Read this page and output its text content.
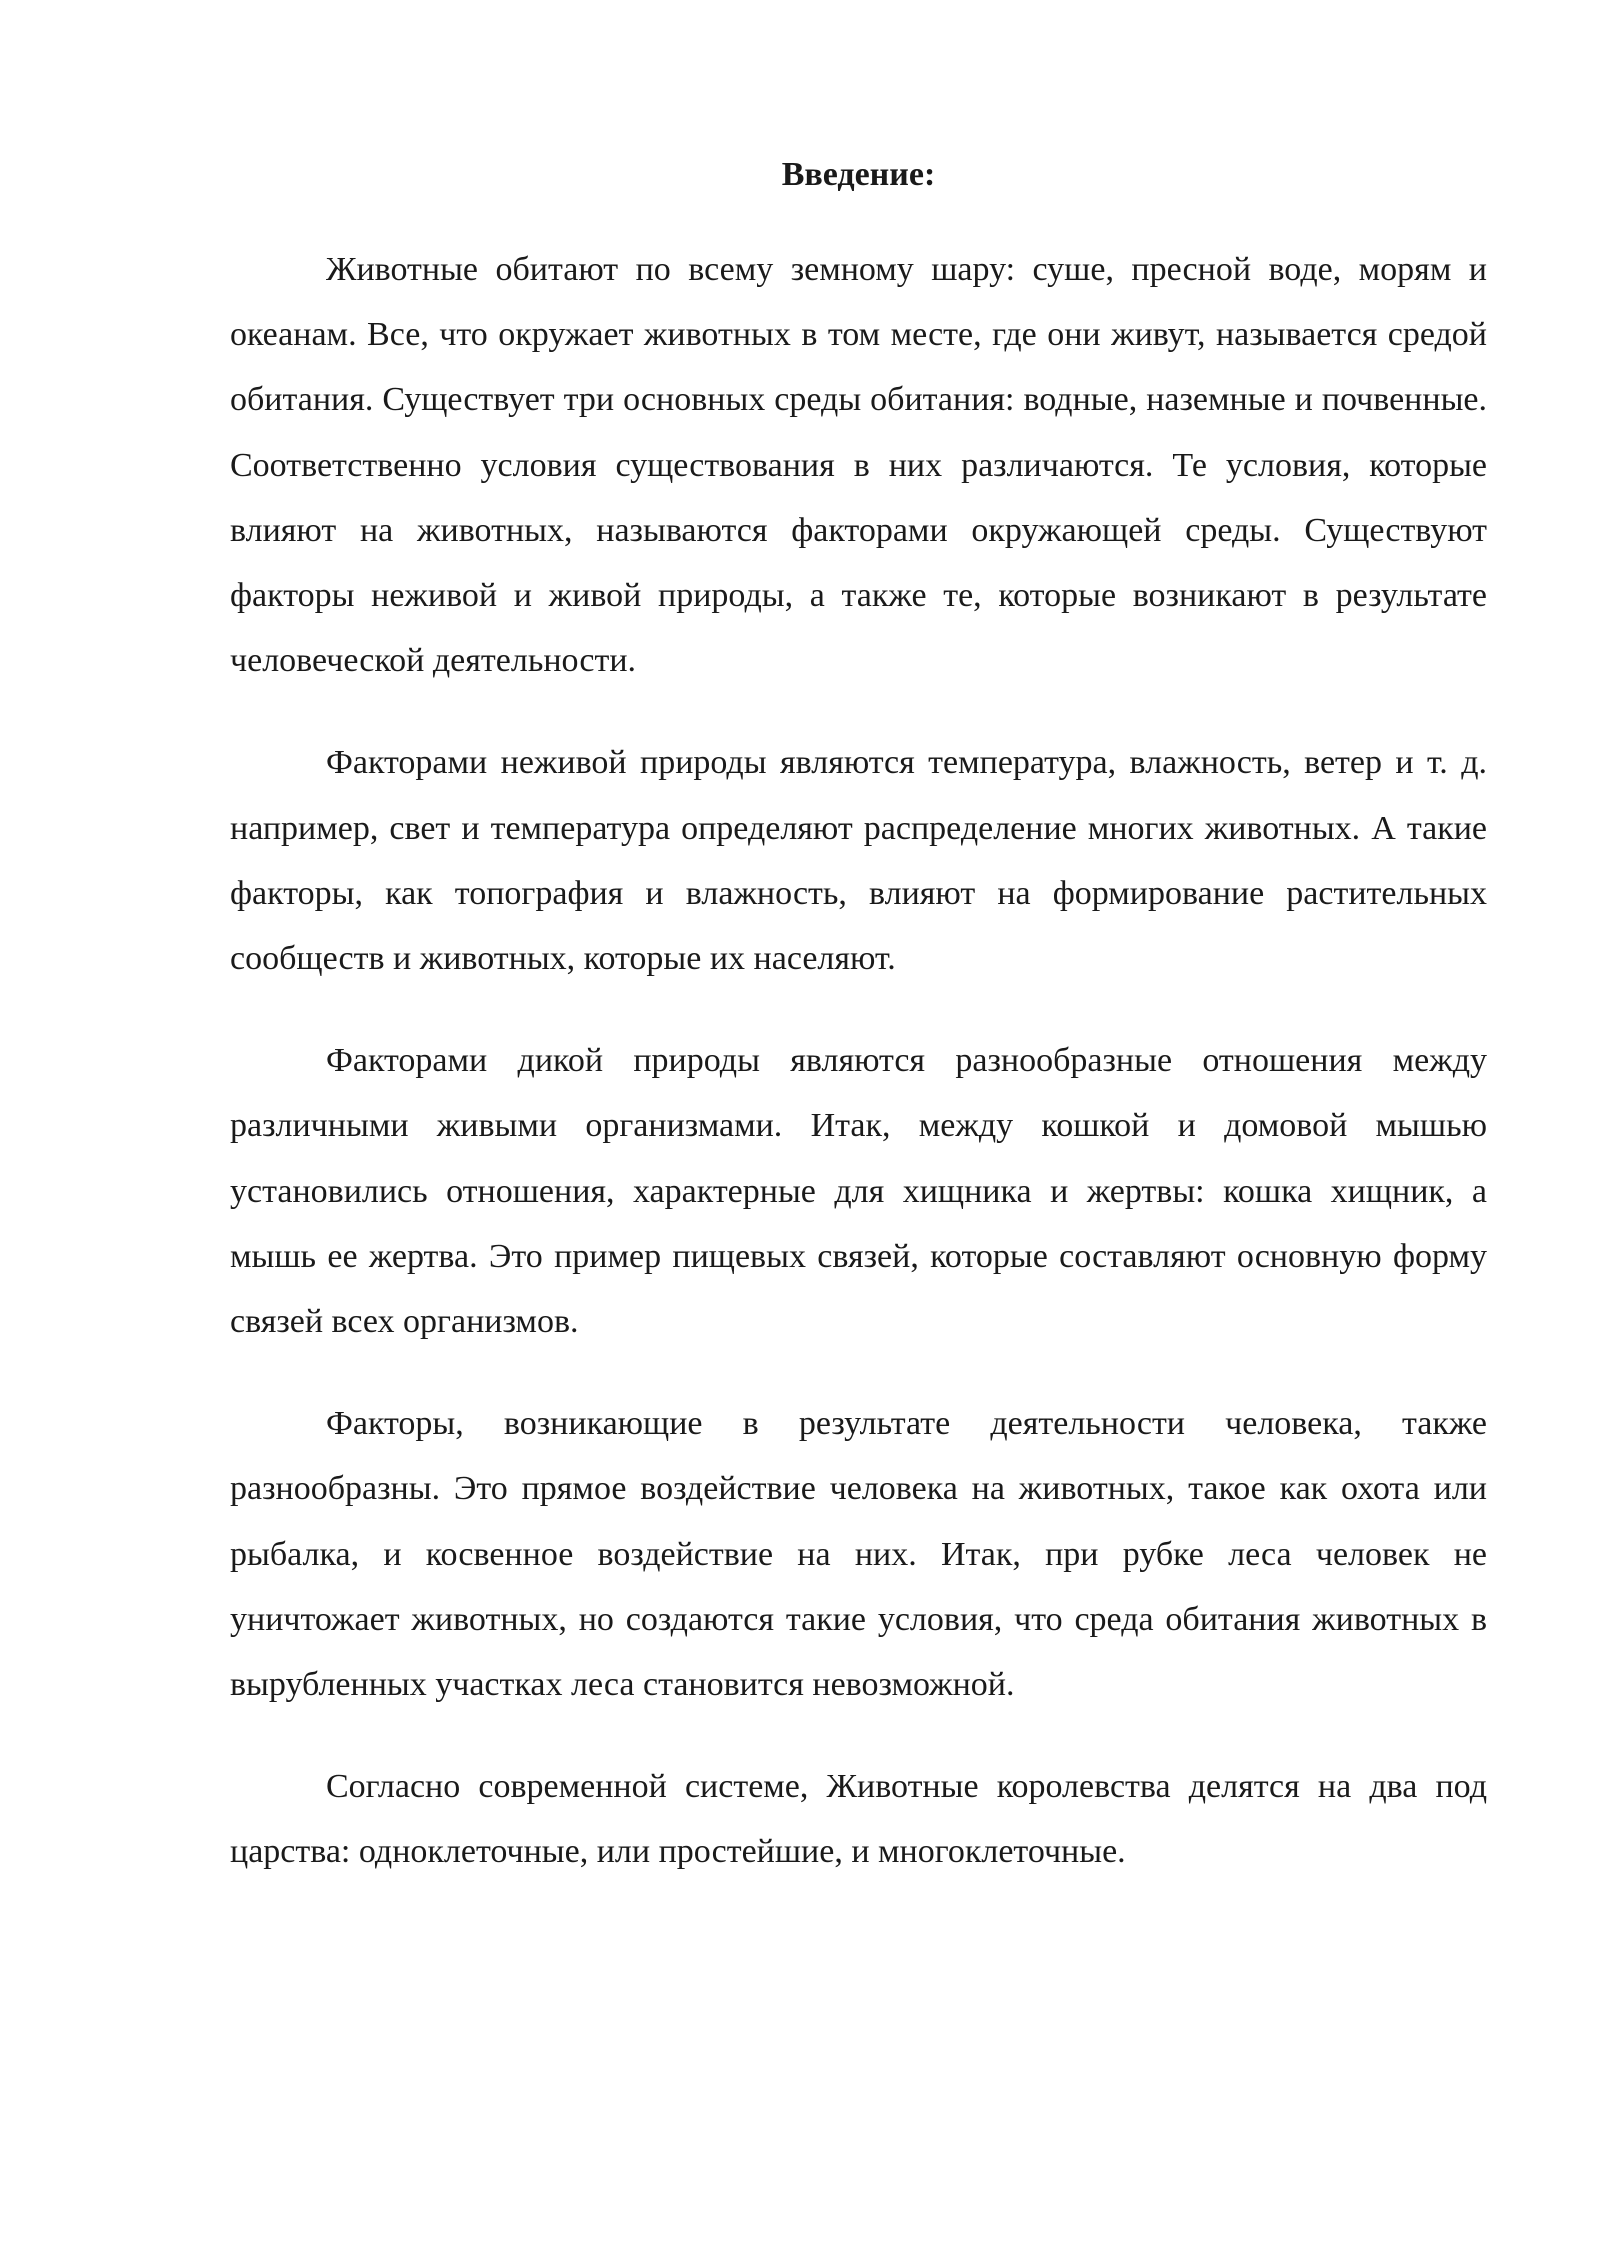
Введение:

Животные обитают по всему земному шару: суше, пресной воде, морям и океанам. Все, что окружает животных в том месте, где они живут, называется средой обитания. Существует три основных среды обитания: водные, наземные и почвенные. Соответственно условия существования в них различаются. Те условия, которые влияют на животных, называются факторами окружающей среды. Существуют факторы неживой и живой природы, а также те, которые возникают в результате человеческой деятельности.

Факторами неживой природы являются температура, влажность, ветер и т. д. например, свет и температура определяют распределение многих животных. А такие факторы, как топография и влажность, влияют на формирование растительных сообществ и животных, которые их населяют.

Факторами дикой природы являются разнообразные отношения между различными живыми организмами. Итак, между кошкой и домовой мышью установились отношения, характерные для хищника и жертвы: кошка хищник, а мышь ее жертва. Это пример пищевых связей, которые составляют основную форму связей всех организмов.

Факторы, возникающие в результате деятельности человека, также разнообразны. Это прямое воздействие человека на животных, такое как охота или рыбалка, и косвенное воздействие на них. Итак, при рубке леса человек не уничтожает животных, но создаются такие условия, что среда обитания животных в вырубленных участках леса становится невозможной.

Согласно современной системе, Животные королевства делятся на два под царства: одноклеточные, или простейшие, и многоклеточные.
